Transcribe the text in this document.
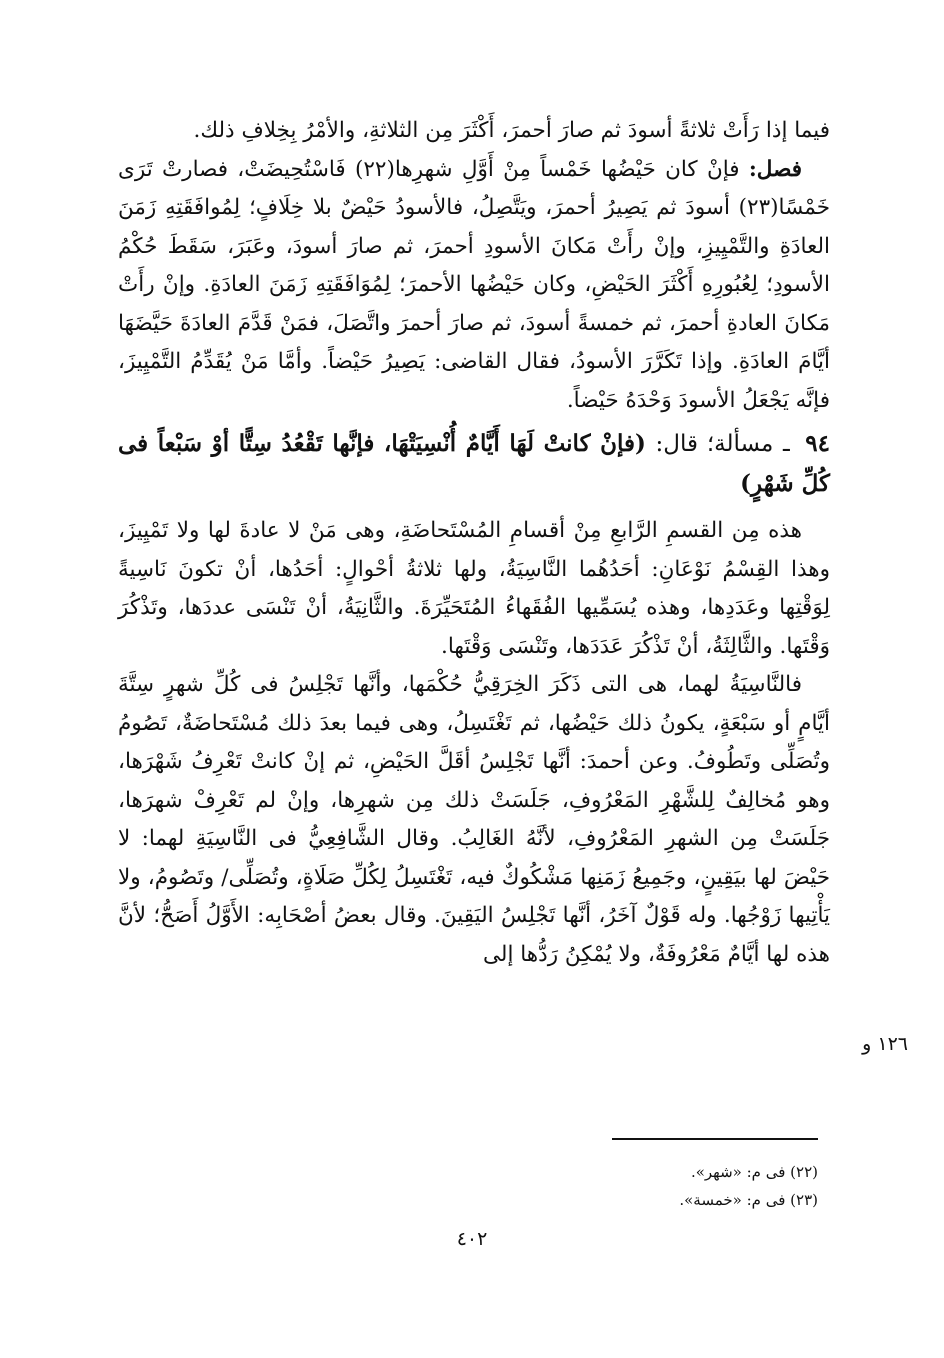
فيما إذا رَأَتْ ثلاثةً أسودَ ثم صارَ أحمرَ، أَكْثَرَ مِن الثلاثةِ، والأمْرُ بِخِلافِ ذلك.

فصل: فإنْ كان حَيْضُها خَمْساً مِنْ أَوَّلِ شهرِها(٢٢) فَاسْتُحِيضَتْ، فصارتْ تَرَى خَمْسًا(٢٣) أسودَ ثم يَصِيرُ أحمرَ، ويَتَّصِلُ، فالأسودُ حَيْضٌ بلا خِلَافٍ؛ لِمُوافَقَتِهِ زَمَنَ العادَةِ والتَّمْيِيزِ، وإنْ رأَتْ مَكانَ الأسودِ أحمرَ، ثم صارَ أسودَ، وعَبَرَ، سَقَطَ حُكْمُ الأسودِ؛ لِعُبُورِهِ أَكْثَرَ الحَيْضِ، وكان حَيْضُها الأحمرَ؛ لِمُوَافَقَتِهِ زَمَنَ العادَةِ. وإنْ رأَتْ مَكانَ العادةِ أحمرَ، ثم خمسةً أسودَ، ثم صارَ أحمرَ واتَّصَلَ، فمَنْ قَدَّمَ العادَةَ حَيَّضَهَا أيَّامَ العادَةِ. وإذا تَكَرَّرَ الأسودُ، فقال القاضى: يَصِيرُ حَيْضاً. وأمَّا مَنْ يُقَدِّمُ التَّمْيِيزَ، فإنَّه يَجْعَلُ الأسودَ وَحْدَهُ حَيْضاً.

٩٤ ـ مسألة؛ قال: (فإنْ كانتْ لَهَا أَيَّامٌ أُنْسِيَتْهَا، فإنَّها تَقْعُدُ سِتًّا أوْ سَبْعاً فى كُلِّ شَهْرٍ)

هذه مِن القسمِ الرَّابعِ مِنْ أقسامِ المُسْتَحاضَةِ، وهى مَنْ لا عادةَ لها ولا تَمْيِيزَ، وهذا القِسْمُ نَوْعَانِ: أحَدُهُما النَّاسِيَةُ، ولها ثلاثةُ أحْوالٍ: أحَدُها، أنْ تكونَ نَاسِيةً لِوَقْتِها وعَدَدِها، وهذه يُسَمِّيها الفُقَهاءُ المُتَحَيِّرَةَ. والثَّانِيَةُ، أنْ تَنْسَى عددَها، وتَذْكُرَ وَقْتَها. والثَّالِثَةُ، أنْ تَذْكُرَ عَدَدَها، وتَنْسَى وَقْتَها.

فالنَّاسِيَةُ لهما، هى التى ذَكَرَ الخِرَقِيُّ حُكْمَها، وأنَّها تَجْلِسُ فى كُلِّ شهرٍ سِتَّةَ أيَّامٍ أو سَبْعَةٍ، يكونُ ذلك حَيْضُها، ثم تَغْتَسِلُ، وهى فيما بعدَ ذلك مُسْتَحاضَةٌ، تَصُومُ وتُصَلِّى وتَطُوفُ. وعن أحمدَ: أنَّها تَجْلِسُ أقَلَّ الحَيْضِ، ثم إنْ كانتْ تَعْرِفُ شَهْرَها، وهو مُخالِفٌ لِلشَّهْرِ المَعْرُوفِ، جَلَسَتْ ذلك مِن شهرِها، وإنْ لم تَعْرِفْ شهرَها، جَلَسَتْ مِن الشهرِ المَعْرُوفِ، لأنَّهُ الغَالِبُ. وقال الشَّافِعِيُّ فى النَّاسِيَةِ لهما: لا حَيْضَ لها بيَقِينٍ، وجَمِيعُ زَمَنِها مَشْكُوكٌ فيه، تَغْتَسِلُ لِكُلِّ صَلَاةٍ، وتُصَلِّى/ وتَصُومُ، ولا يَأْتِيها زَوْجُها. وله قَوْلٌ آخَرُ، أنَّها تَجْلِسُ اليَقِينَ. وقال بعضُ أصْحَابِه: الأَوَّلُ أَصَحُّ؛ لأنَّ هذه لها أيَّامٌ مَعْرُوفَةٌ، ولا يُمْكِنُ رَدُّها إلى

١٢٦ و
(٢٢) فى م: «شهر».
(٢٣) فى م: «خمسة».
٤٠٢
